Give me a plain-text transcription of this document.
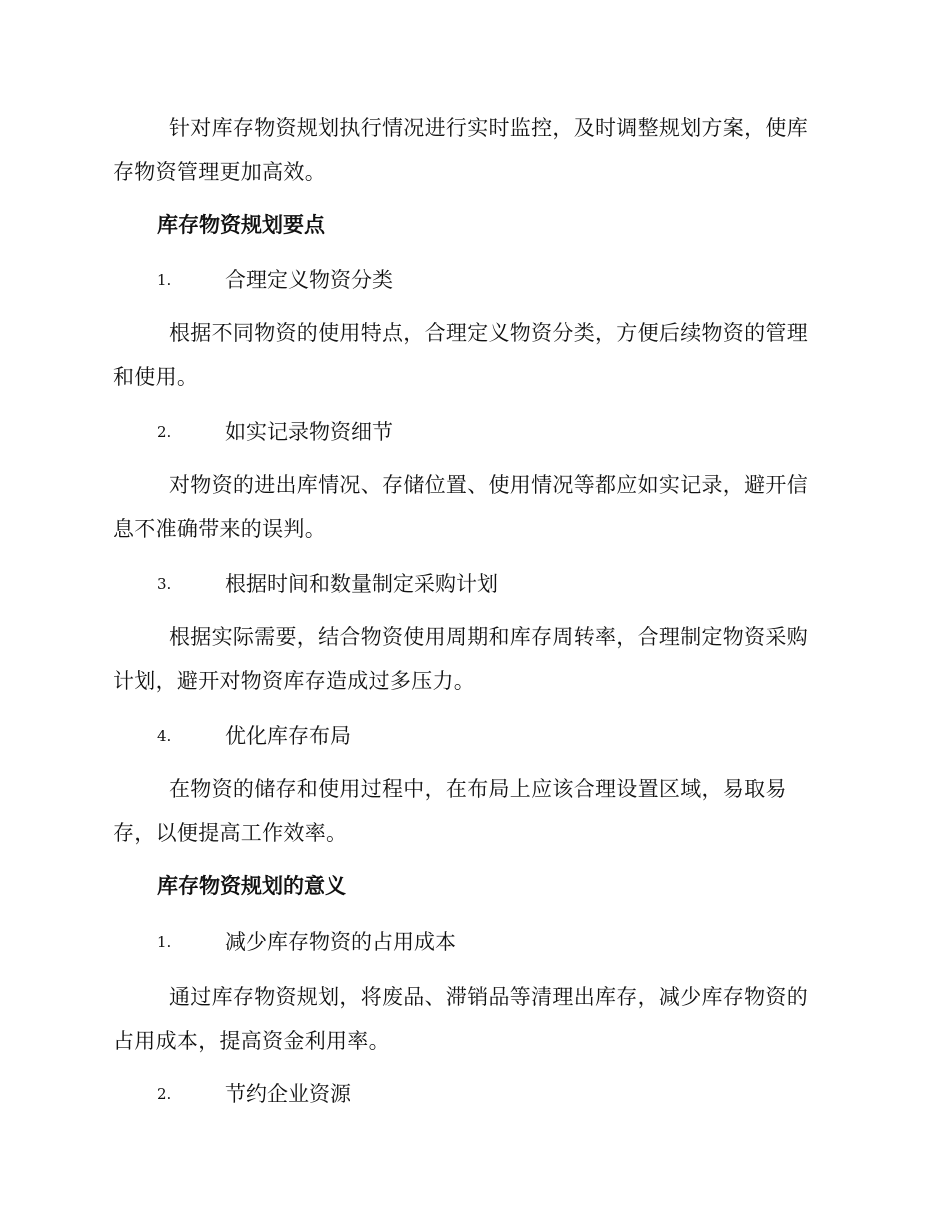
针对库存物资规划执行情况进行实时监控，及时调整规划方案，使库存物资管理更加高效。

库存物资规划要点
1.	合理定义物资分类

根据不同物资的使用特点，合理定义物资分类，方便后续物资的管理和使用。

2.	如实记录物资细节

对物资的进出库情况、存储位置、使用情况等都应如实记录，避开信息不准确带来的误判。

3.	根据时间和数量制定采购计划

根据实际需要，结合物资使用周期和库存周转率，合理制定物资采购计划，避开对物资库存造成过多压力。

4.	优化库存布局

在物资的储存和使用过程中，在布局上应该合理设置区域，易取易存，以便提高工作效率。

库存物资规划的意义
1.	减少库存物资的占用成本

通过库存物资规划，将废品、滞销品等清理出库存，减少库存物资的占用成本，提高资金利用率。

2.	节约企业资源
